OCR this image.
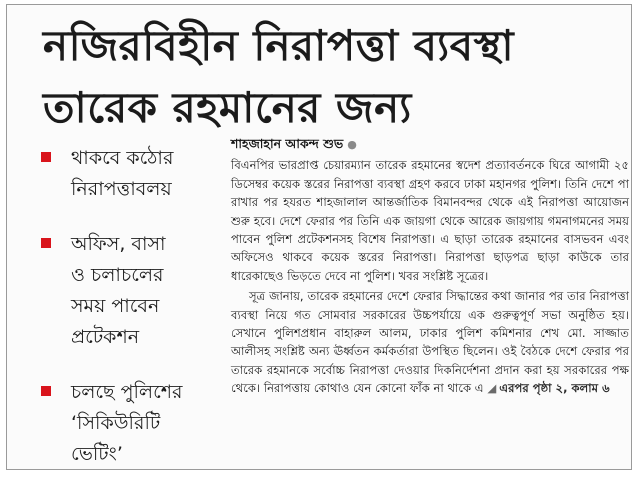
নজিরবিহীন নিরাপত্তা ব্যবস্থা
তারেক রহমানের জন্য
থাকবে কঠোর
নিরাপত্তাবলয়
অফিস, বাসা
ও চলাচলের
সময় পাবেন
প্রটেকশন
চলছে পুলিশের
‘সিকিউরিটি
ভেটিং’
শাহজাহান আকন্দ শুভ ●

বিএনপির ভারপ্রাপ্ত চেয়ারম্যান তারেক রহমানের স্বদেশ প্রত্যাবর্তনকে ঘিরে আগামী ২৫ ডিসেম্বর কয়েক স্তরের নিরাপত্তা ব্যবস্থা গ্রহণ করবে ঢাকা মহানগর পুলিশ। তিনি দেশে পা রাখার পর হযরত শাহজালাল আন্তর্জাতিক বিমানবন্দর থেকে এই নিরাপত্তা আয়োজন শুরু হবে। দেশে ফেরার পর তিনি এক জায়গা থেকে আরেক জায়গায় গমনাগমনের সময় পাবেন পুলিশ প্রটেকশনসহ বিশেষ নিরাপত্তা। এ ছাড়া তারেক রহমানের বাসভবন এবং অফিসেও থাকবে কয়েক স্তরের নিরাপত্তা। নিরাপত্তা ছাড়পত্র ছাড়া কাউকে তার ধারেকাছেও ভিড়তে দেবে না পুলিশ। খবর সংশ্লিষ্ট সূত্রের।

সূত্র জানায়, তারেক রহমানের দেশে ফেরার সিদ্ধান্তের কথা জানার পর তার নিরাপত্তা ব্যবস্থা নিয়ে গত সোমবার সরকারের উচ্চপর্যায়ে এক গুরুত্বপূর্ণ সভা অনুষ্ঠিত হয়। সেখানে পুলিশপ্রধান বাহারুল আলম, ঢাকার পুলিশ কমিশনার শেখ মো. সাজ্জাত আলীসহ সংশ্লিষ্ট অন্য ঊর্ধ্বতন কর্মকর্তারা উপস্থিত ছিলেন। ওই বৈঠকে দেশে ফেরার পর তারেক রহমানকে সর্বোচ্চ নিরাপত্তা দেওয়ার দিকনির্দেশনা প্রদান করা হয় সরকারের পক্ষ থেকে। নিরাপত্তায় কোথাও যেন কোনো ফাঁক না থাকে এ ◢ এরপর পৃষ্ঠা ২, কলাম ৬
